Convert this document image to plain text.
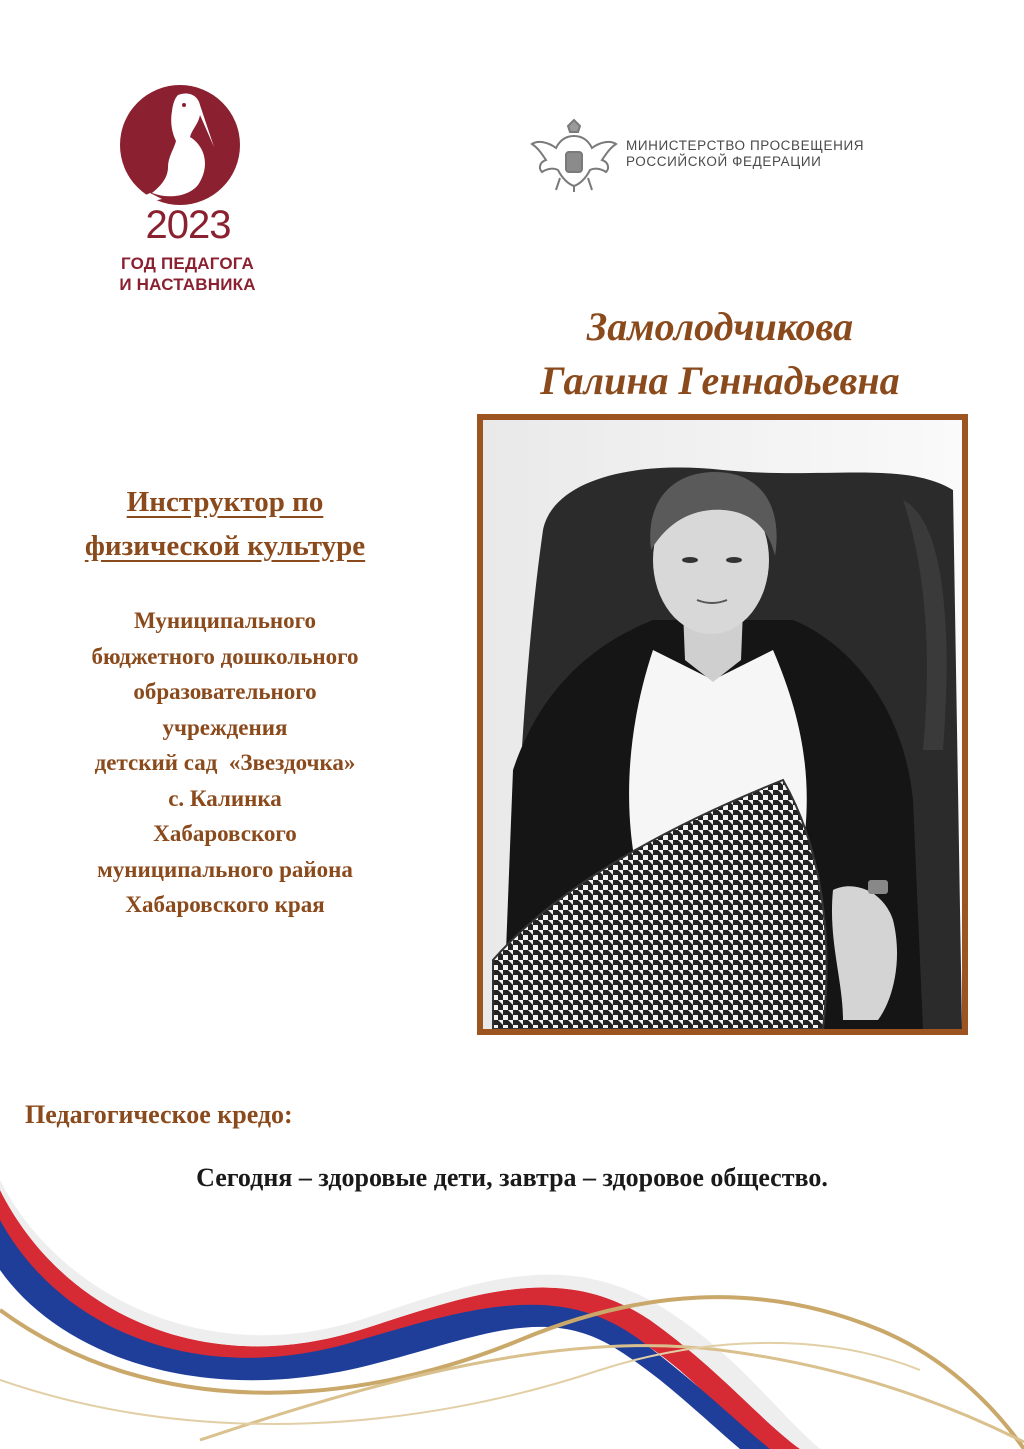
2023
ГОД ПЕДАГОГА
И НАСТАВНИКА
МИНИСТЕРСТВО ПРОСВЕЩЕНИЯ
РОССИЙСКОЙ ФЕДЕРАЦИИ
Замолодчикова
Галина Геннадьевна
Инструктор по
физической культуре
Муниципального
бюджетного дошкольного
образовательного
учреждения
детский сад  «Звездочка»
с. Калинка
Хабаровского
муниципального района
Хабаровского края
Педагогическое кредо:
Сегодня – здоровые дети, завтра – здоровое общество.
